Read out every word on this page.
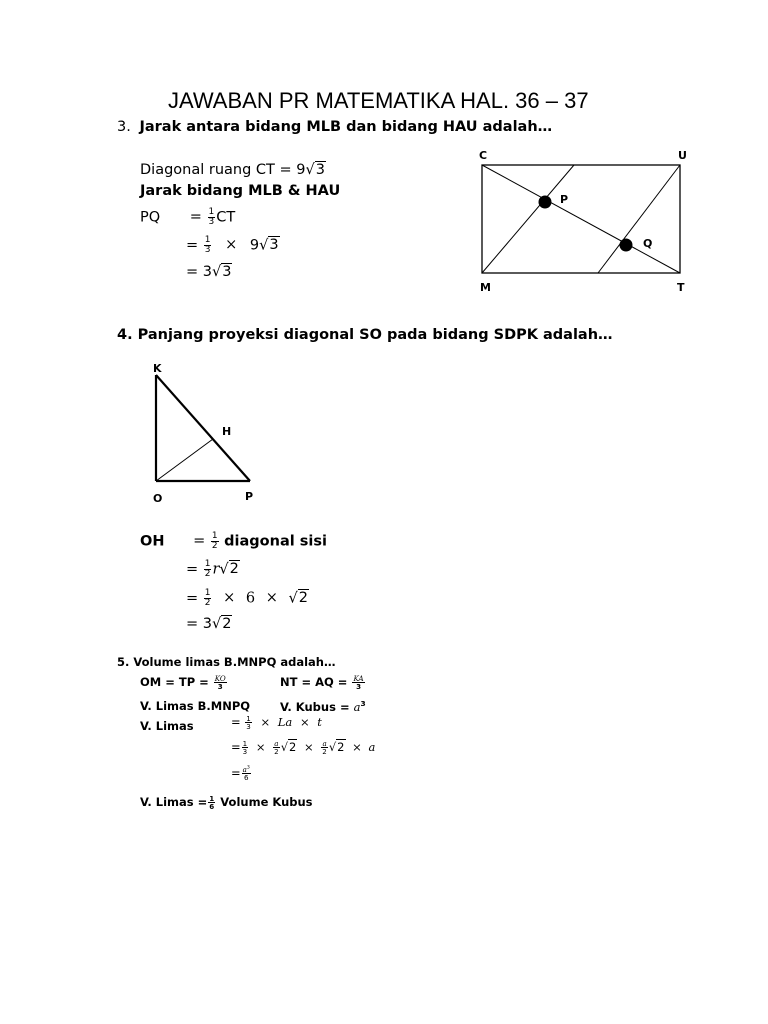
JAWABAN PR MATEMATIKA HAL. 36 – 37
3. Jarak antara bidang MLB dan bidang HAU adalah…
Diagonal ruang CT = 9√3
Jarak bidang MLB & HAU
PQ = $\frac{1}{3}$ CT
= $\frac{1}{3} \times 9√3$
= 3√3
C	U
P
Q
M	T
4. Panjang proyeksi diagonal SO pada bidang SDPK adalah…
K
H
O	P
OH = $\frac{1}{2}$ diagonal sisi
= $\frac{1}{2} r√2$
= $\frac{1}{2} \times 6 \times √2$
= 3√2
5. Volume limas B.MNPQ adalah…
OM = TP = $\frac{KO}{3}$	NT = AQ = $\frac{KA}{3}$
V. Limas B.MNPQ	V. Kubus = $a^3$
V. Limas	= $\frac{1}{3} \times La \times t$
= $\frac{1}{3} \times \frac{a}{2} √2 \times \frac{a}{2} √2 \times a$
= $\frac{a^3}{6}$
V. Limas = $\frac{1}{6}$ Volume Kubus
